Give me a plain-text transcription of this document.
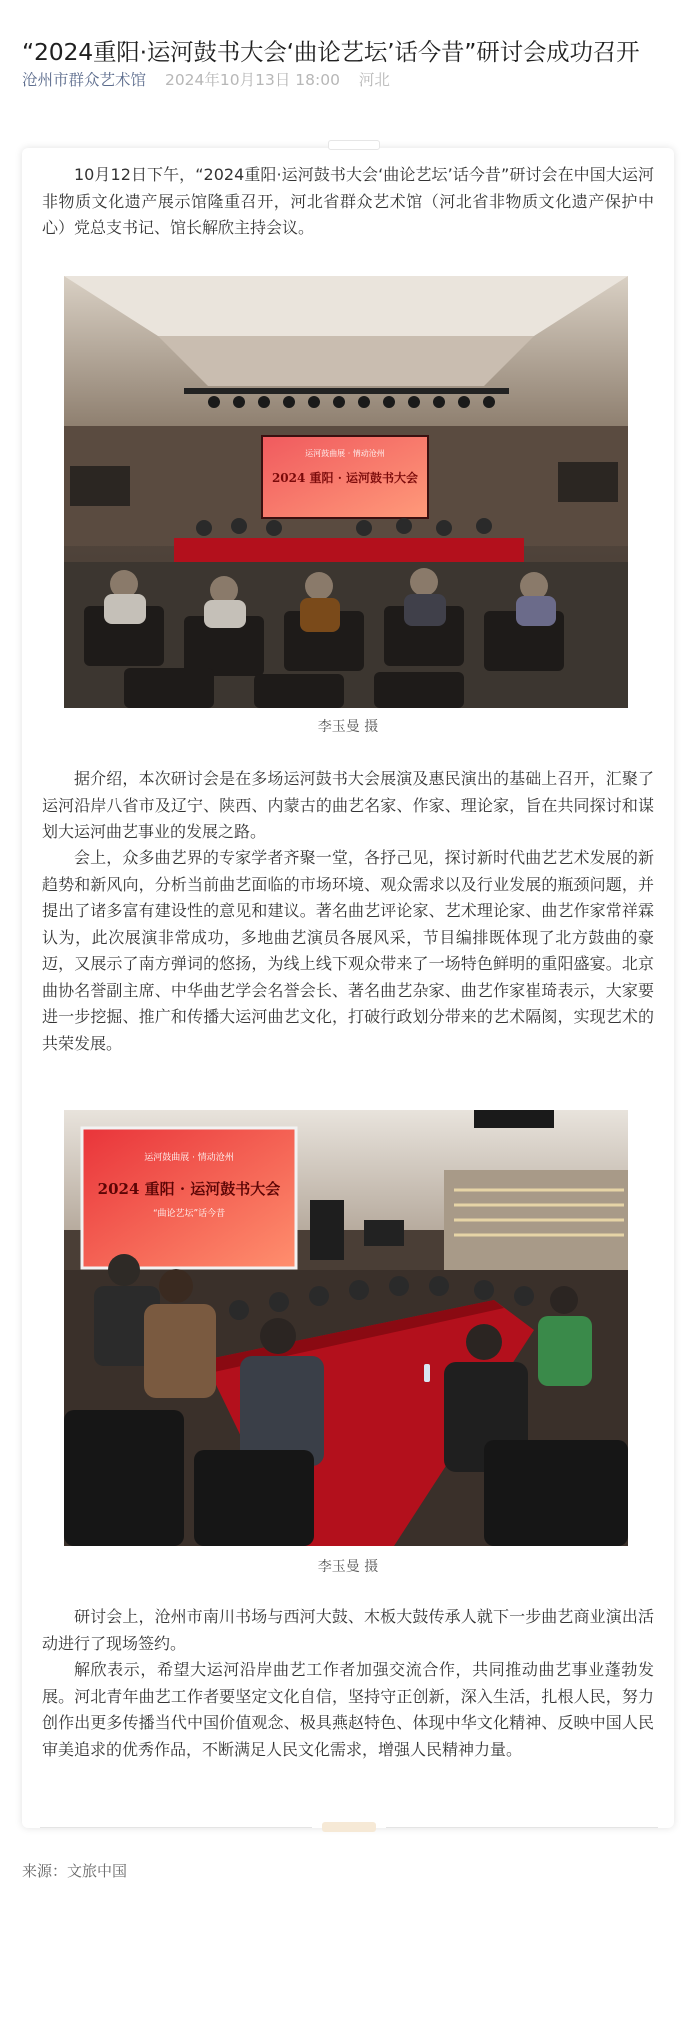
“2024重阳·运河鼓书大会‘曲论艺坛’话今昔”研讨会成功召开
沧州市群众艺术馆 2024年10月13日 18:00 河北

10月12日下午，“2024重阳·运河鼓书大会‘曲论艺坛’话今昔”研讨会在中国大运河非物质文化遗产展示馆隆重召开，河北省群众艺术馆（河北省非物质文化遗产保护中心）党总支书记、馆长解欣主持会议。

运河鼓曲展 · 情动沧州
2024 重阳 · 运河鼓书大会
李玉曼 摄

据介绍，本次研讨会是在多场运河鼓书大会展演及惠民演出的基础上召开，汇聚了运河沿岸八省市及辽宁、陕西、内蒙古的曲艺名家、作家、理论家，旨在共同探讨和谋划大运河曲艺事业的发展之路。

会上，众多曲艺界的专家学者齐聚一堂，各抒己见，探讨新时代曲艺艺术发展的新趋势和新风向，分析当前曲艺面临的市场环境、观众需求以及行业发展的瓶颈问题，并提出了诸多富有建设性的意见和建议。著名曲艺评论家、艺术理论家、曲艺作家常祥霖认为，此次展演非常成功，多地曲艺演员各展风采，节目编排既体现了北方鼓曲的豪迈，又展示了南方弹词的悠扬，为线上线下观众带来了一场特色鲜明的重阳盛宴。北京曲协名誉副主席、中华曲艺学会名誉会长、著名曲艺杂家、曲艺作家崔琦表示，大家要进一步挖掘、推广和传播大运河曲艺文化，打破行政划分带来的艺术隔阂，实现艺术的共荣发展。

运河鼓曲展 · 情动沧州
2024 重阳 · 运河鼓书大会
“曲论艺坛”话今昔
李玉曼 摄

研讨会上，沧州市南川书场与西河大鼓、木板大鼓传承人就下一步曲艺商业演出活动进行了现场签约。

解欣表示，希望大运河沿岸曲艺工作者加强交流合作，共同推动曲艺事业蓬勃发展。河北青年曲艺工作者要坚定文化自信，坚持守正创新，深入生活，扎根人民，努力创作出更多传播当代中国价值观念、极具燕赵特色、体现中华文化精神、反映中国人民审美追求的优秀作品，不断满足人民文化需求，增强人民精神力量。

来源：文旅中国
